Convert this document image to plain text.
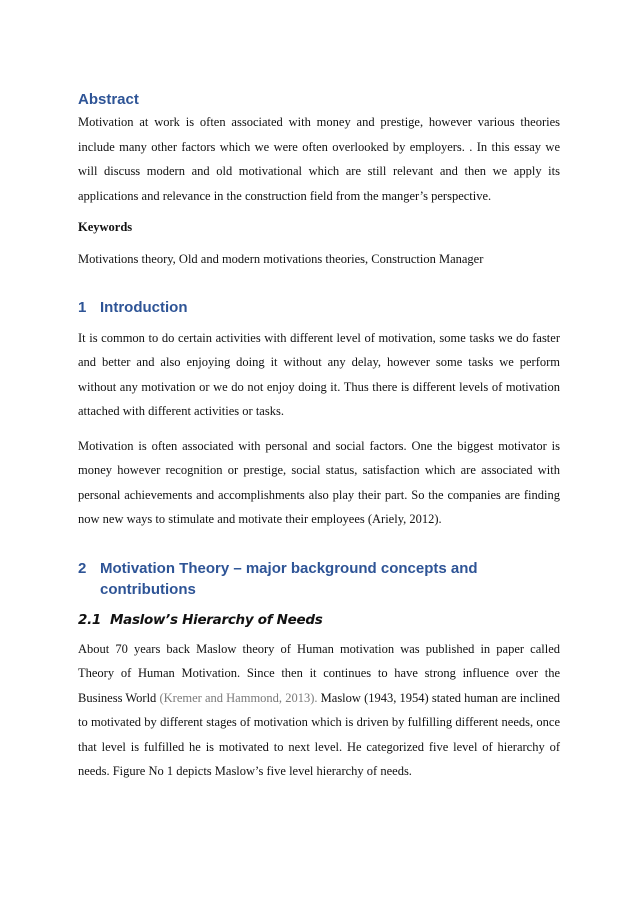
Abstract

Motivation at work is often associated with money and prestige, however various theories include many other factors which we were often overlooked by employers. . In this essay we will discuss modern and old motivational which are still relevant and then we apply its applications and relevance in the construction field from the manger’s perspective.

Keywords

Motivations theory, Old and modern motivations theories, Construction Manager

1 Introduction

It is common to do certain activities with different level of motivation, some tasks we do faster and better and also enjoying doing it without any delay, however some tasks we perform without any motivation or we do not enjoy doing it. Thus there is different levels of motivation attached with different activities or tasks.

Motivation is often associated with personal and social factors. One the biggest motivator is money however recognition or prestige, social status, satisfaction which are associated with personal achievements and accomplishments also play their part. So the companies are finding now new ways to stimulate and motivate their employees (Ariely, 2012).

2 Motivation Theory – major background concepts and contributions
2.1 Maslow’s Hierarchy of Needs

About 70 years back Maslow theory of Human motivation was published in paper called Theory of Human Motivation. Since then it continues to have strong influence over the Business World (Kremer and Hammond, 2013). Maslow (1943, 1954) stated human are inclined to motivated by different stages of motivation which is driven by fulfilling different needs, once that level is fulfilled he is motivated to next level. He categorized five level of hierarchy of needs. Figure No 1 depicts Maslow’s five level hierarchy of needs.
